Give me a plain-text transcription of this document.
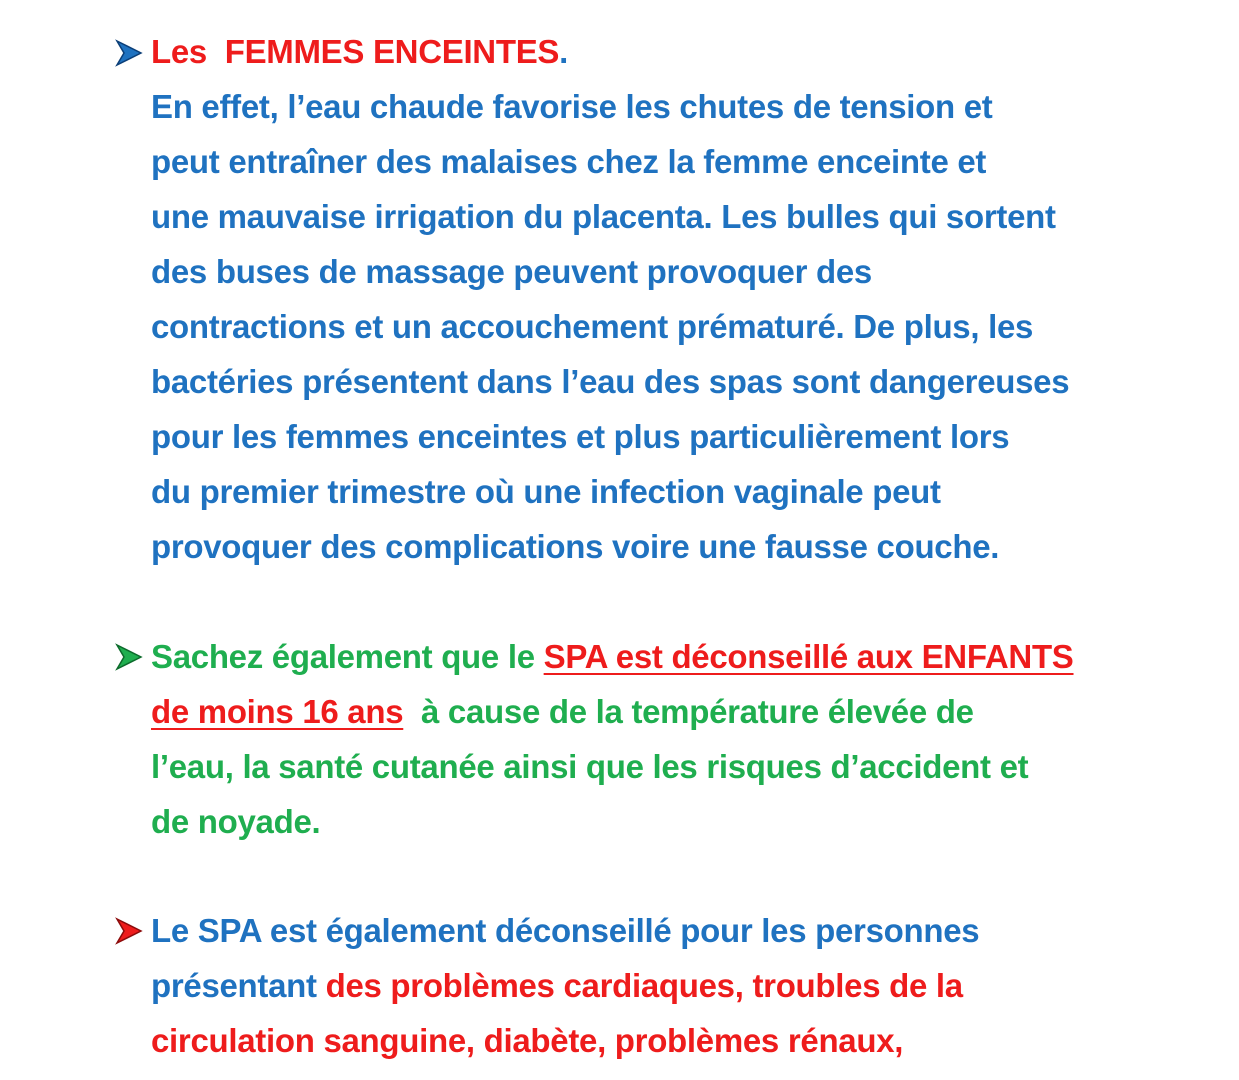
Les FEMMES ENCEINTES.
En effet, l’eau chaude favorise les chutes de tension et
peut entraîner des malaises chez la femme enceinte et
une mauvaise irrigation du placenta. Les bulles qui sortent
des buses de massage peuvent provoquer des
contractions et un accouchement prématuré. De plus, les
bactéries présentent dans l’eau des spas sont dangereuses
pour les femmes enceintes et plus particulièrement lors
du premier trimestre où une infection vaginale peut
provoquer des complications voire une fausse couche.
Sachez également que le SPA est déconseillé aux ENFANTS
de moins 16 ans à cause de la température élevée de
l’eau, la santé cutanée ainsi que les risques d’accident et
de noyade.
Le SPA est également déconseillé pour les personnes
présentant des problèmes cardiaques, troubles de la
circulation sanguine, diabète, problèmes rénaux,
